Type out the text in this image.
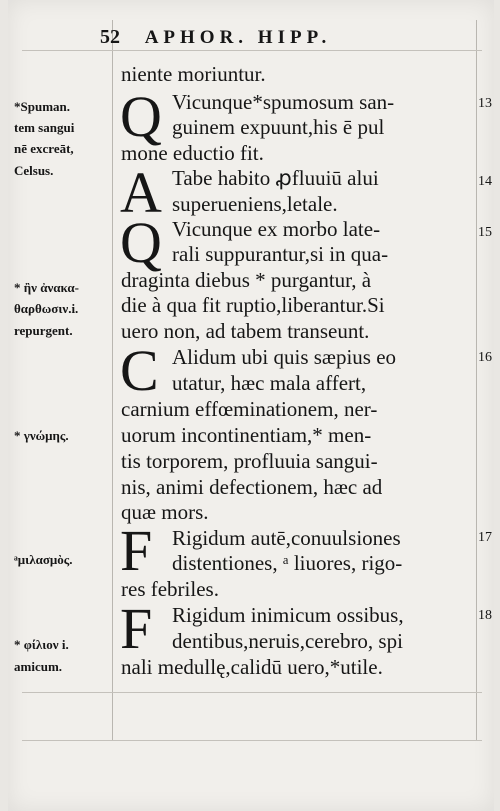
52 APHOR. HIPP.
*Spuman.
tem sangui
nē excreāt,
Celsus.
* ἢν ἀνακα-
θαρθωσιν.i.
repurgent.
* γνώμης.
ᵃμιλασμὸς.
* φίλιον i.
amicum.
13
14
15
16
17
18
Q
A
Q
C
F
F
niente moriuntur.
Vicunque*spumosum san-
guinem expuunt,his ē pul
mone eductio fit.
Tabe habito ꝓfluuiū alui
superueniens,letale.
Vicunque ex morbo late-
rali suppurantur,si in qua-
draginta diebus * purgantur, à
die à qua fit ruptio,liberantur.Si
uero non, ad tabem transeunt.
Alidum ubi quis sæpius eo
utatur, hæc mala affert,
carnium effœminationem, ner-
uorum incontinentiam,* men-
tis torporem, profluuia sangui-
nis, animi defectionem, hæc ad
quæ mors.
Rigidum autē,conuulsiones
distentiones, ᵃ liuores, rigo-
res febriles.
Rigidum inimicum ossibus,
dentibus,neruis,cerebro, spi
nali medullę,calidū uero,*utile.
